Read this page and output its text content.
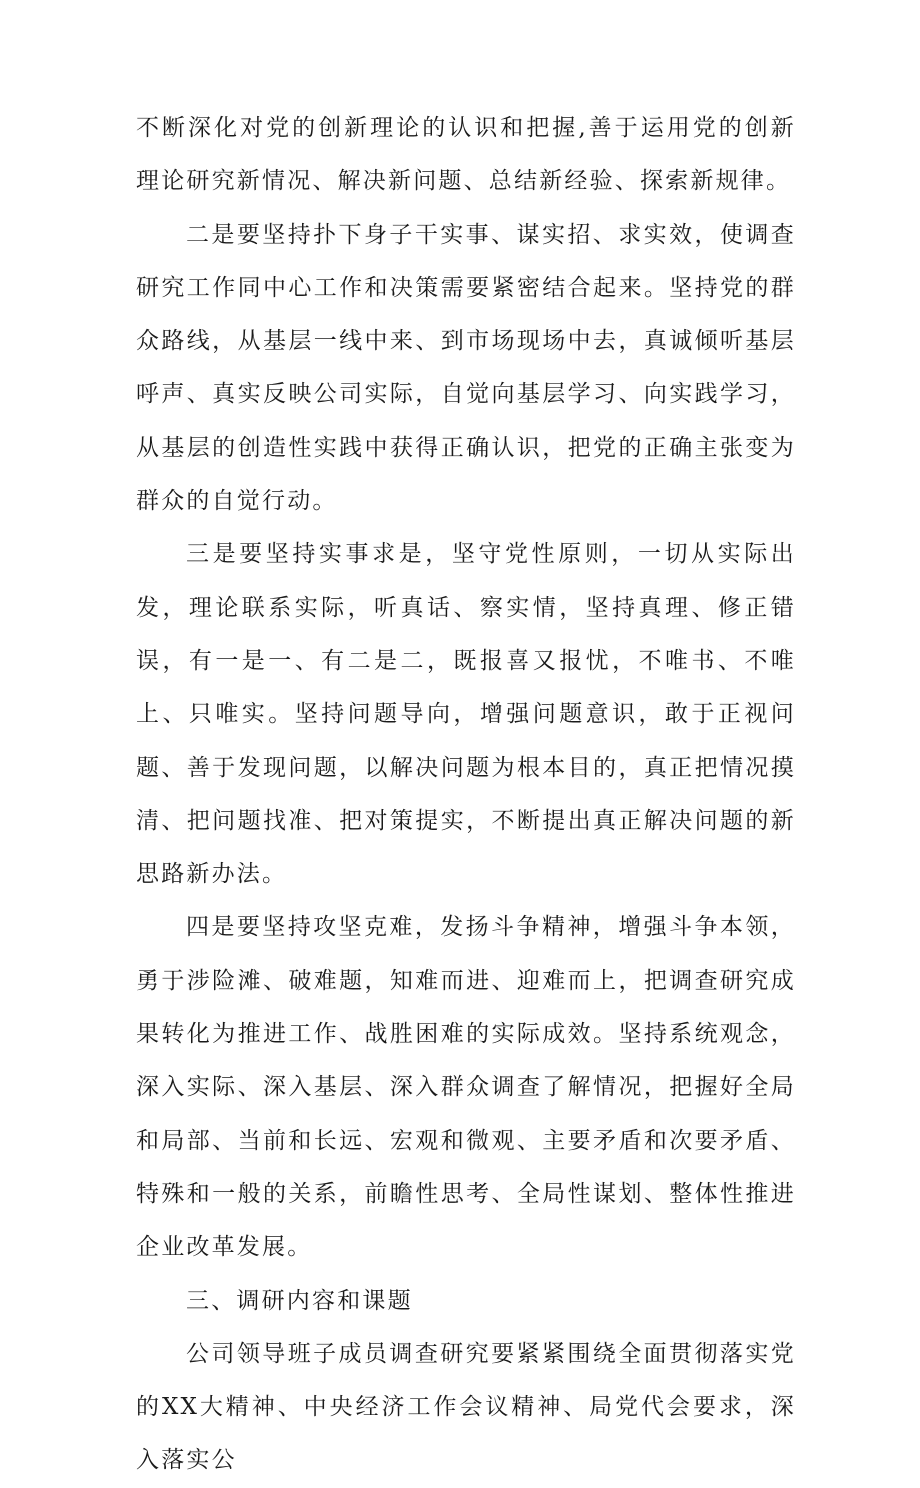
不断深化对党的创新理论的认识和把握,善于运用党的创新理论研究新情况、解决新问题、总结新经验、探索新规律。

二是要坚持扑下身子干实事、谋实招、求实效，使调查研究工作同中心工作和决策需要紧密结合起来。坚持党的群众路线，从基层一线中来、到市场现场中去，真诚倾听基层呼声、真实反映公司实际，自觉向基层学习、向实践学习，从基层的创造性实践中获得正确认识，把党的正确主张变为群众的自觉行动。

三是要坚持实事求是，坚守党性原则，一切从实际出发，理论联系实际，听真话、察实情，坚持真理、修正错误，有一是一、有二是二，既报喜又报忧，不唯书、不唯上、只唯实。坚持问题导向，增强问题意识，敢于正视问题、善于发现问题，以解决问题为根本目的，真正把情况摸清、把问题找准、把对策提实，不断提出真正解决问题的新思路新办法。

四是要坚持攻坚克难，发扬斗争精神，增强斗争本领，勇于涉险滩、破难题，知难而进、迎难而上，把调查研究成果转化为推进工作、战胜困难的实际成效。坚持系统观念，深入实际、深入基层、深入群众调查了解情况，把握好全局和局部、当前和长远、宏观和微观、主要矛盾和次要矛盾、特殊和一般的关系，前瞻性思考、全局性谋划、整体性推进企业改革发展。

三、调研内容和课题

公司领导班子成员调查研究要紧紧围绕全面贯彻落实党的XX大精神、中央经济工作会议精神、局党代会要求，深入落实公
